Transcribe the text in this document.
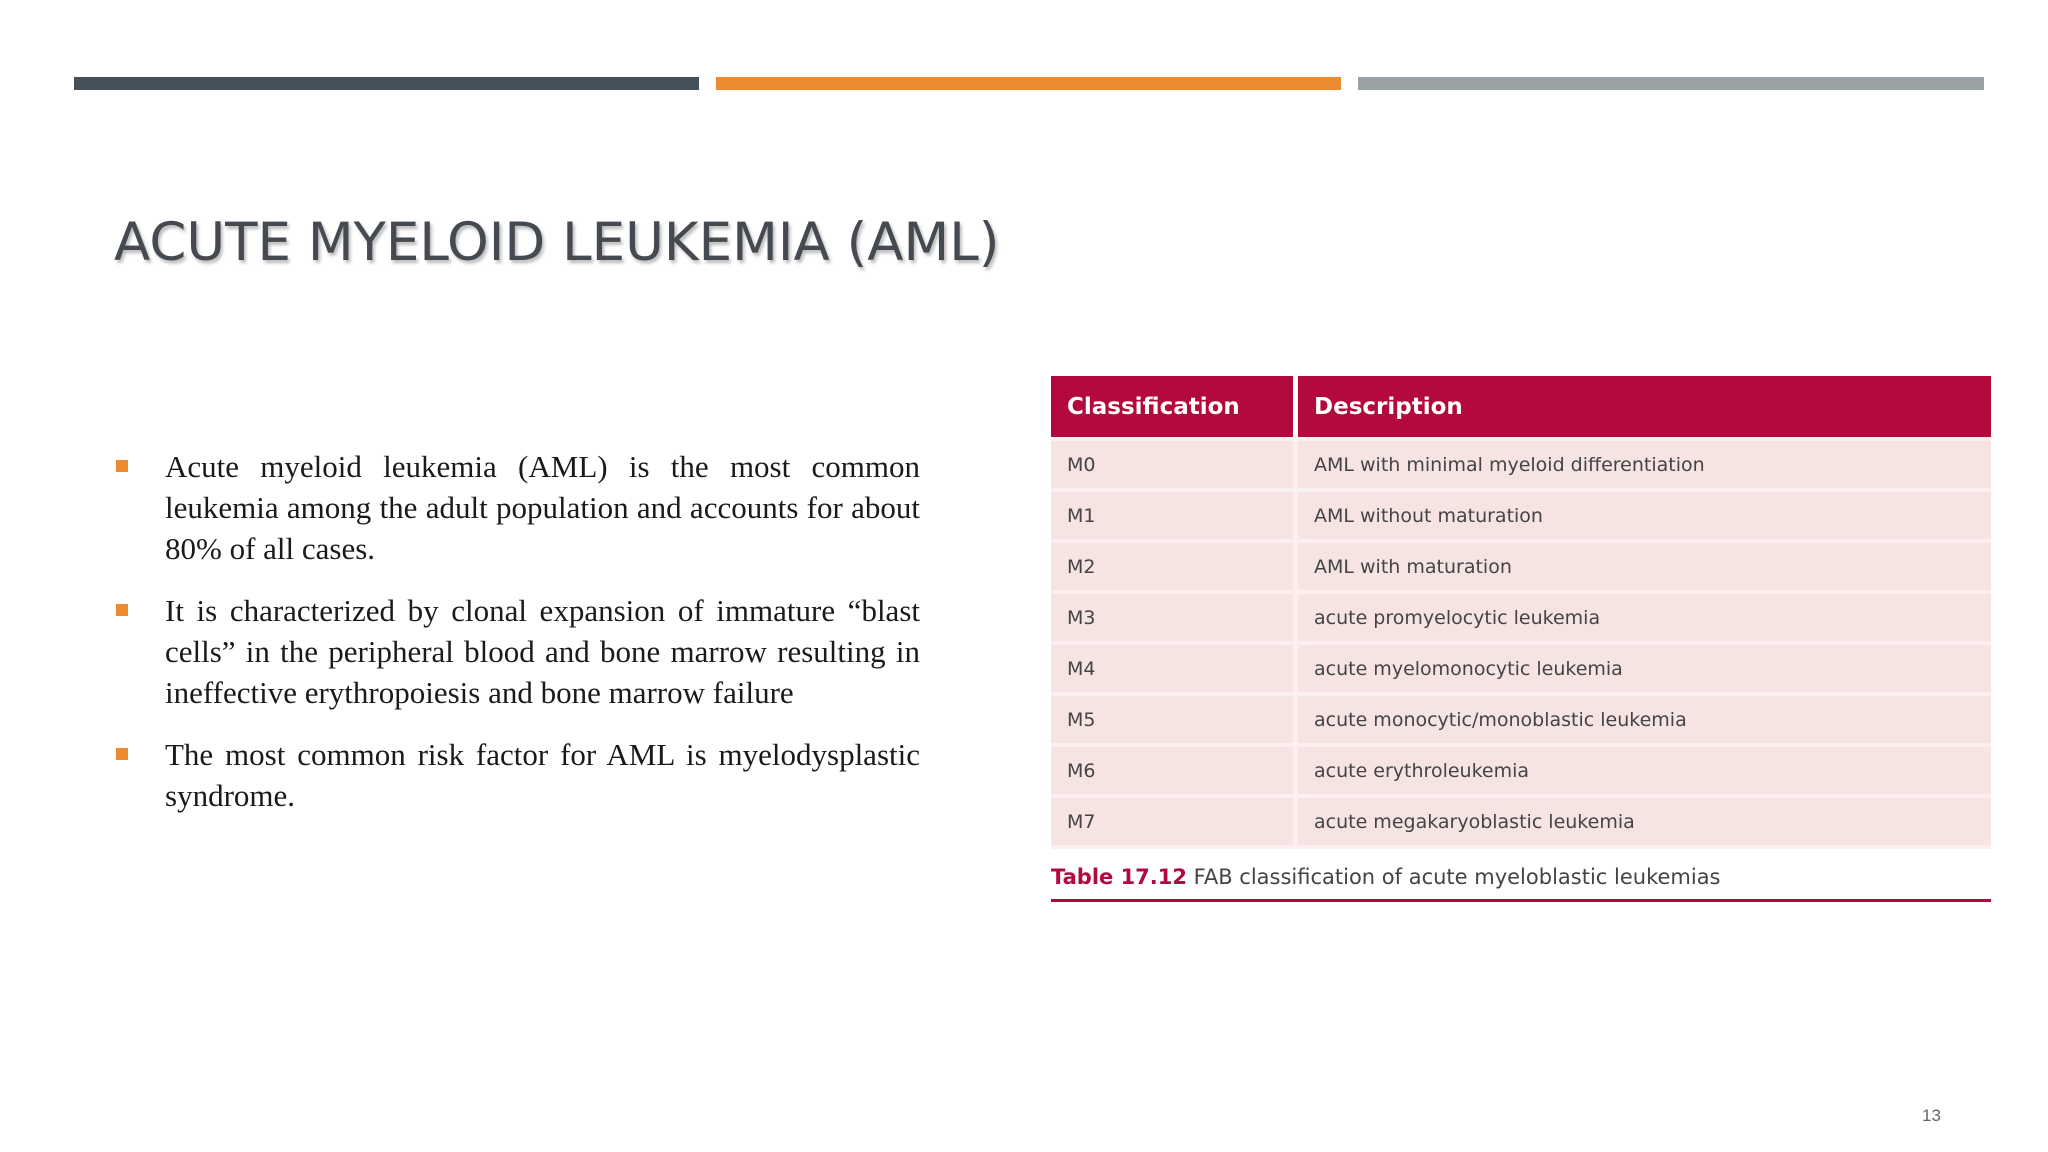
ACUTE MYELOID LEUKEMIA (AML)
Acute myeloid leukemia (AML) is the most common leukemia among the adult population and accounts for about 80% of all cases.
It is characterized by clonal expansion of immature “blast cells” in the peripheral blood and bone marrow resulting in ineffective erythropoiesis and bone marrow failure
The most common risk factor for AML is myelodysplastic syndrome.
Classification	Description
M0	AML with minimal myeloid differentiation
M1	AML without maturation
M2	AML with maturation
M3	acute promyelocytic leukemia
M4	acute myelomonocytic leukemia
M5	acute monocytic/monoblastic leukemia
M6	acute erythroleukemia
M7	acute megakaryoblastic leukemia
Table 17.12 FAB classification of acute myeloblastic leukemias
13
